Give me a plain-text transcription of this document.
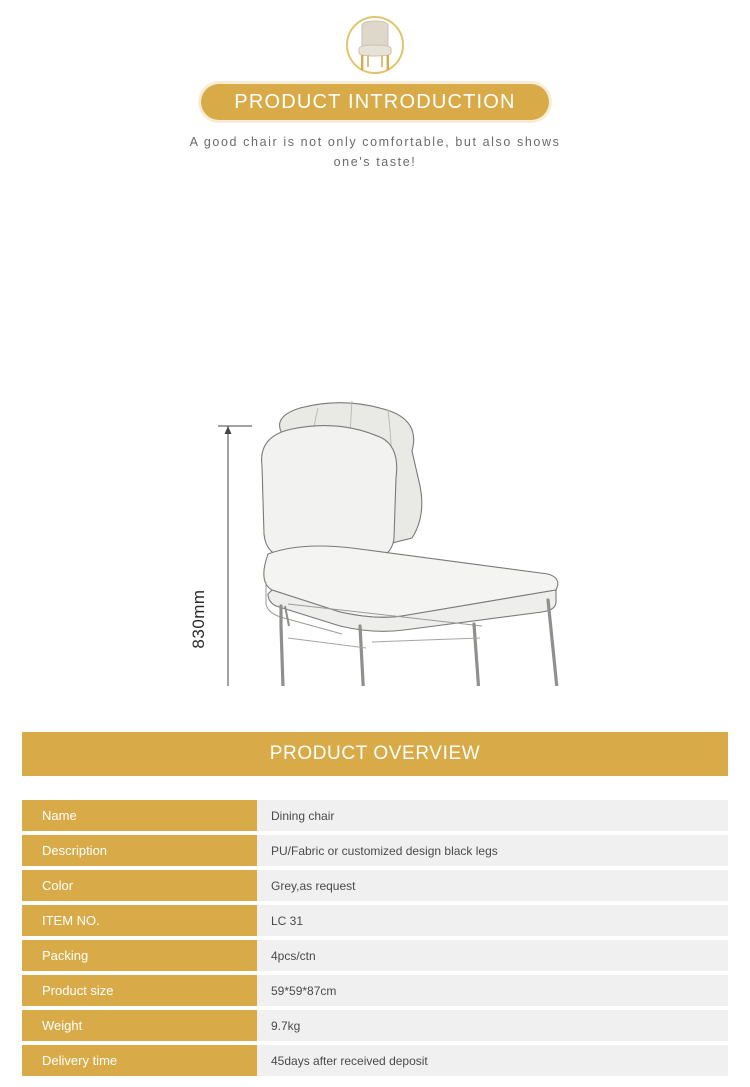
PRODUCT INTRODUCTION
A good chair is not only comfortable, but also shows
one's taste!
830mm
PRODUCT OVERVIEW
Name	Dining chair
Description	PU/Fabric or customized design black legs
Color	Grey,as request
ITEM NO.	LC 31
Packing	4pcs/ctn
Product size	59*59*87cm
Weight	9.7kg
Delivery time	45days after received deposit
